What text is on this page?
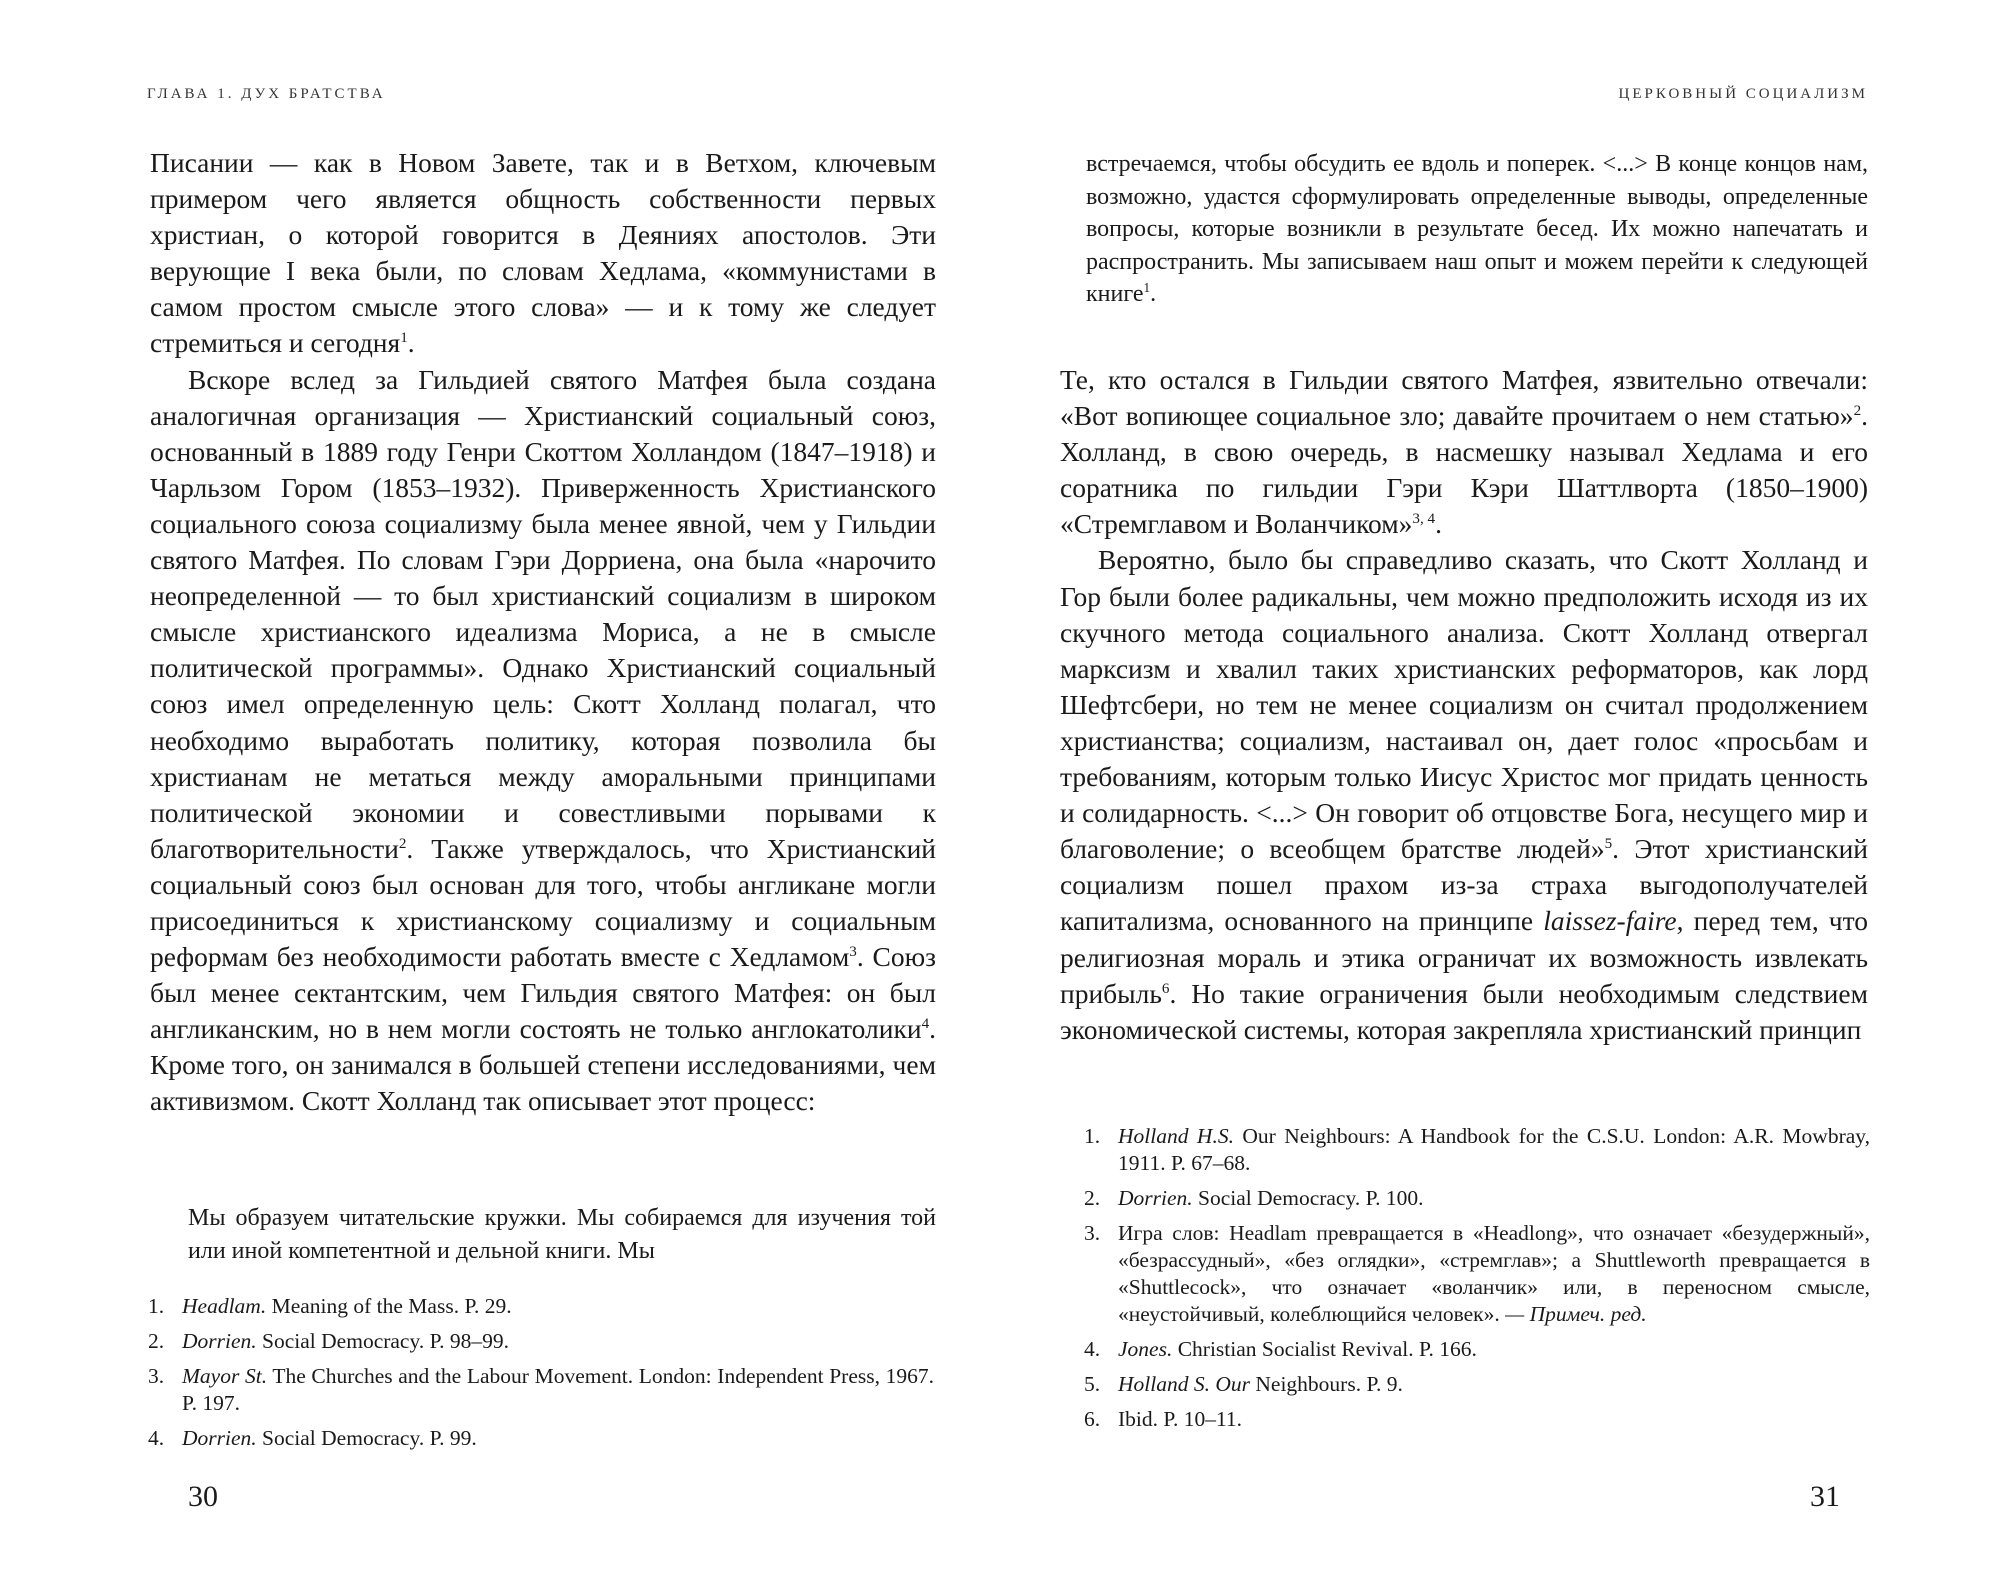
ГЛАВА 1. ДУХ БРАТСТВА

Писании — как в Новом Завете, так и в Ветхом, ключевым примером чего является общность собственности первых христиан, о которой говорится в Деяниях апостолов. Эти верующие I века были, по словам Хедлама, «коммунистами в самом простом смысле этого слова» — и к тому же следует стремиться и сегодня$^1$.

Вскоре вслед за Гильдией святого Матфея была создана аналогичная организация — Христианский социальный союз, основанный в 1889 году Генри Скоттом Холландом (1847–1918) и Чарльзом Гором (1853–1932). Приверженность Христианского социального союза социализму была менее явной, чем у Гильдии святого Матфея. По словам Гэри Дорриена, она была «нарочито неопределенной — то был христианский социализм в широком смысле христианского идеализма Мориса, а не в смысле политической программы». Однако Христианский социальный союз имел определенную цель: Скотт Холланд полагал, что необходимо выработать политику, которая позволила бы христианам не метаться между аморальными принципами политической экономии и совестливыми порывами к благотворительности$^2$. Также утверждалось, что Христианский социальный союз был основан для того, чтобы англикане могли присоединиться к христианскому социализму и социальным реформам без необходимости работать вместе с Хедламом$^3$. Союз был менее сектантским, чем Гильдия святого Матфея: он был англиканским, но в нем могли состоять не только англокатолики$^4$. Кроме того, он занимался в большей степени исследованиями, чем активизмом. Скотт Холланд так описывает этот процесс:

Мы образуем читательские кружки. Мы собираемся для изучения той или иной компетентной и дельной книги. Мы

1. Headlam. Meaning of the Mass. P. 29.
2. Dorrien. Social Democracy. P. 98–99.
3. Mayor St. The Churches and the Labour Movement. London: Independent Press, 1967. P. 197.
4. Dorrien. Social Democracy. P. 99.
30
ЦЕРКОВНЫЙ СОЦИАЛИЗМ

встречаемся, чтобы обсудить ее вдоль и поперек. <...> В конце концов нам, возможно, удастся сформулировать определенные выводы, определенные вопросы, которые возникли в результате бесед. Их можно напечатать и распространить. Мы записываем наш опыт и можем перейти к следующей книге$^1$.

Те, кто остался в Гильдии святого Матфея, язвительно отвечали: «Вот вопиющее социальное зло; давайте прочитаем о нем статью»$^2$. Холланд, в свою очередь, в насмешку называл Хедлама и его соратника по гильдии Гэри Кэри Шаттлворта (1850–1900) «Стремглавом и Воланчиком»$^{3, 4}$.

Вероятно, было бы справедливо сказать, что Скотт Холланд и Гор были более радикальны, чем можно предположить исходя из их скучного метода социального анализа. Скотт Холланд отвергал марксизм и хвалил таких христианских реформаторов, как лорд Шефтсбери, но тем не менее социализм он считал продолжением христианства; социализм, настаивал он, дает голос «просьбам и требованиям, которым только Иисус Христос мог придать ценность и солидарность. <...> Он говорит об отцовстве Бога, несущего мир и благоволение; о всеобщем братстве людей»$^5$. Этот христианский социализм пошел прахом из-за страха выгодополучателей капитализма, основанного на принципе laissez-faire, перед тем, что религиозная мораль и этика ограничат их возможность извлекать прибыль$^6$. Но такие ограничения были необходимым следствием экономической системы, которая закрепляла христианский принцип

1. Holland H.S. Our Neighbours: A Handbook for the C.S.U. London: A.R. Mowbray, 1911. P. 67–68.
2. Dorrien. Social Democracy. P. 100.
3. Игра слов: Headlam превращается в «Headlong», что означает «безудержный», «безрассудный», «без оглядки», «стремглав»; а Shuttleworth превращается в «Shuttlecock», что означает «воланчик» или, в переносном смысле, «неустойчивый, колеблющийся человек». — Примеч. ред.
4. Jones. Christian Socialist Revival. P. 166.
5. Holland S. Our Neighbours. P. 9.
6. Ibid. P. 10–11.
31
